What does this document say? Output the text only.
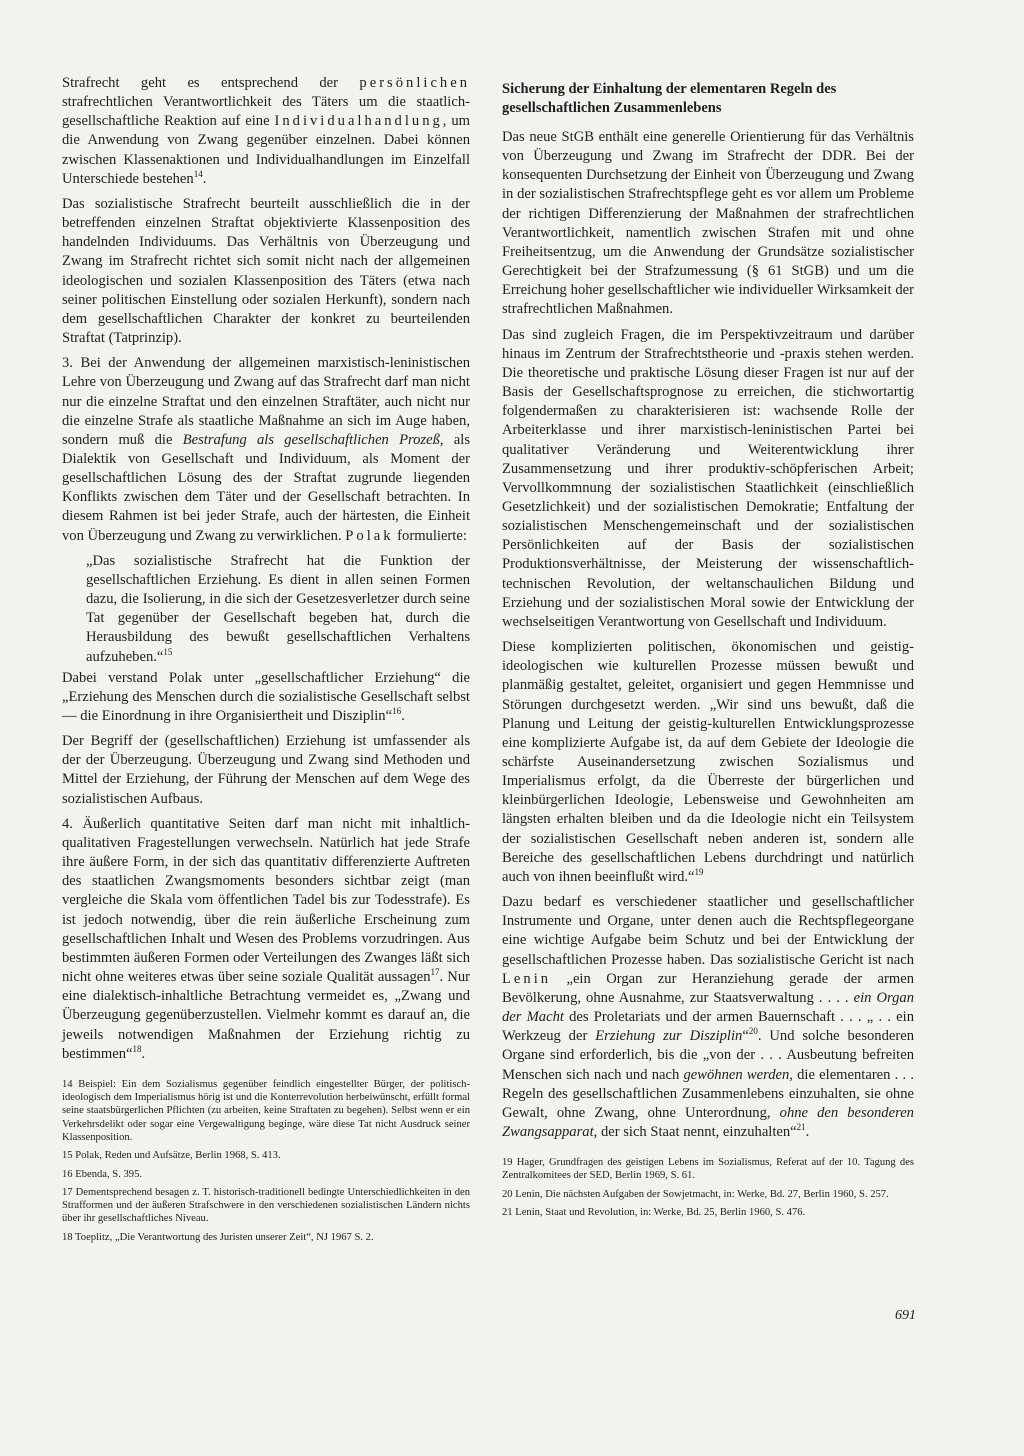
Strafrecht geht es entsprechend der persönlichen strafrechtlichen Verantwortlichkeit des Täters um die staatlich-gesellschaftliche Reaktion auf eine Individualhandlung, um die Anwendung von Zwang gegenüber einzelnen. Dabei können zwischen Klassenaktionen und Individualhandlungen im Einzelfall Unterschiede bestehen$^{14}$.

Das sozialistische Strafrecht beurteilt ausschließlich die in der betreffenden einzelnen Straftat objektivierte Klassenposition des handelnden Individuums. Das Verhältnis von Überzeugung und Zwang im Strafrecht richtet sich somit nicht nach der allgemeinen ideologischen und sozialen Klassenposition des Täters (etwa nach seiner politischen Einstellung oder sozialen Herkunft), sondern nach dem gesellschaftlichen Charakter der konkret zu beurteilenden Straftat (Tatprinzip).

3. Bei der Anwendung der allgemeinen marxistisch-leninistischen Lehre von Überzeugung und Zwang auf das Strafrecht darf man nicht nur die einzelne Straftat und den einzelnen Straftäter, auch nicht nur die einzelne Strafe als staatliche Maßnahme an sich im Auge haben, sondern muß die Bestrafung als gesellschaftlichen Prozeß, als Dialektik von Gesellschaft und Individuum, als Moment der gesellschaftlichen Lösung des der Straftat zugrunde liegenden Konflikts zwischen dem Täter und der Gesellschaft betrachten. In diesem Rahmen ist bei jeder Strafe, auch der härtesten, die Einheit von Überzeugung und Zwang zu verwirklichen. Polak formulierte:

„Das sozialistische Strafrecht hat die Funktion der gesellschaftlichen Erziehung. Es dient in allen seinen Formen dazu, die Isolierung, in die sich der Gesetzesverletzer durch seine Tat gegenüber der Gesellschaft begeben hat, durch die Herausbildung des bewußt gesellschaftlichen Verhaltens aufzuheben.“$^{15}$

Dabei verstand Polak unter „gesellschaftlicher Erziehung“ die „Erziehung des Menschen durch die sozialistische Gesellschaft selbst — die Einordnung in ihre Organisiertheit und Disziplin“$^{16}$.

Der Begriff der (gesellschaftlichen) Erziehung ist umfassender als der der Überzeugung. Überzeugung und Zwang sind Methoden und Mittel der Erziehung, der Führung der Menschen auf dem Wege des sozialistischen Aufbaus.

4. Äußerlich quantitative Seiten darf man nicht mit inhaltlich-qualitativen Fragestellungen verwechseln. Natürlich hat jede Strafe ihre äußere Form, in der sich das quantitativ differenzierte Auftreten des staatlichen Zwangsmoments besonders sichtbar zeigt (man vergleiche die Skala vom öffentlichen Tadel bis zur Todesstrafe). Es ist jedoch notwendig, über die rein äußerliche Erscheinung zum gesellschaftlichen Inhalt und Wesen des Problems vorzudringen. Aus bestimmten äußeren Formen oder Verteilungen des Zwanges läßt sich nicht ohne weiteres etwas über seine soziale Qualität aussagen$^{17}$. Nur eine dialektisch-inhaltliche Betrachtung vermeidet es, „Zwang und Überzeugung gegenüberzustellen. Vielmehr kommt es darauf an, die jeweils notwendigen Maßnahmen der Erziehung richtig zu bestimmen“$^{18}$.

14 Beispiel: Ein dem Sozialismus gegenüber feindlich eingestellter Bürger, der politisch-ideologisch dem Imperialismus hörig ist und die Konterrevolution herbeiwünscht, erfüllt formal seine staatsbürgerlichen Pflichten (zu arbeiten, keine Straftaten zu begehen). Selbst wenn er ein Verkehrsdelikt oder sogar eine Vergewaltigung beginge, wäre diese Tat nicht Ausdruck seiner Klassenposition.
15 Polak, Reden und Aufsätze, Berlin 1968, S. 413.
16 Ebenda, S. 395.
17 Dementsprechend besagen z. T. historisch-traditionell bedingte Unterschiedlichkeiten in den Strafformen und der äußeren Strafschwere in den verschiedenen sozialistischen Ländern nichts über ihr gesellschaftliches Niveau.
18 Toeplitz, „Die Verantwortung des Juristen unserer Zeit“, NJ 1967 S. 2.
Sicherung der Einhaltung der elementaren Regeln des gesellschaftlichen Zusammenlebens

Das neue StGB enthält eine generelle Orientierung für das Verhältnis von Überzeugung und Zwang im Strafrecht der DDR. Bei der konsequenten Durchsetzung der Einheit von Überzeugung und Zwang in der sozialistischen Strafrechtspflege geht es vor allem um Probleme der richtigen Differenzierung der Maßnahmen der strafrechtlichen Verantwortlichkeit, namentlich zwischen Strafen mit und ohne Freiheitsentzug, um die Anwendung der Grundsätze sozialistischer Gerechtigkeit bei der Strafzumessung (§ 61 StGB) und um die Erreichung hoher gesellschaftlicher wie individueller Wirksamkeit der strafrechtlichen Maßnahmen.

Das sind zugleich Fragen, die im Perspektivzeitraum und darüber hinaus im Zentrum der Strafrechtstheorie und -praxis stehen werden. Die theoretische und praktische Lösung dieser Fragen ist nur auf der Basis der Gesellschaftsprognose zu erreichen, die stichwortartig folgendermaßen zu charakterisieren ist: wachsende Rolle der Arbeiterklasse und ihrer marxistisch-leninistischen Partei bei qualitativer Veränderung und Weiterentwicklung ihrer Zusammensetzung und ihrer produktiv-schöpferischen Arbeit; Vervollkommnung der sozialistischen Staatlichkeit (einschließlich Gesetzlichkeit) und der sozialistischen Demokratie; Entfaltung der sozialistischen Menschengemeinschaft und der sozialistischen Persönlichkeiten auf der Basis der sozialistischen Produktionsverhältnisse, der Meisterung der wissenschaftlich-technischen Revolution, der weltanschaulichen Bildung und Erziehung und der sozialistischen Moral sowie der Entwicklung der wechselseitigen Verantwortung von Gesellschaft und Individuum.

Diese komplizierten politischen, ökonomischen und geistig-ideologischen wie kulturellen Prozesse müssen bewußt und planmäßig gestaltet, geleitet, organisiert und gegen Hemmnisse und Störungen durchgesetzt werden. „Wir sind uns bewußt, daß die Planung und Leitung der geistig-kulturellen Entwicklungsprozesse eine komplizierte Aufgabe ist, da auf dem Gebiete der Ideologie die schärfste Auseinandersetzung zwischen Sozialismus und Imperialismus erfolgt, da die Überreste der bürgerlichen und kleinbürgerlichen Ideologie, Lebensweise und Gewohnheiten am längsten erhalten bleiben und da die Ideologie nicht ein Teilsystem der sozialistischen Gesellschaft neben anderen ist, sondern alle Bereiche des gesellschaftlichen Lebens durchdringt und natürlich auch von ihnen beeinflußt wird.“$^{19}$

Dazu bedarf es verschiedener staatlicher und gesellschaftlicher Instrumente und Organe, unter denen auch die Rechtspflegeorgane eine wichtige Aufgabe beim Schutz und bei der Entwicklung der gesellschaftlichen Prozesse haben. Das sozialistische Gericht ist nach Lenin „ein Organ zur Heranziehung gerade der armen Bevölkerung, ohne Ausnahme, zur Staatsverwaltung . . . . ein Organ der Macht des Proletariats und der armen Bauernschaft . . . „ . . ein Werkzeug der Erziehung zur Disziplin“$^{20}$. Und solche besonderen Organe sind erforderlich, bis die „von der . . . Ausbeutung befreiten Menschen sich nach und nach gewöhnen werden, die elementaren . . . Regeln des gesellschaftlichen Zusammenlebens einzuhalten, sie ohne Gewalt, ohne Zwang, ohne Unterordnung, ohne den besonderen Zwangsapparat, der sich Staat nennt, einzuhalten“$^{21}$.

19 Hager, Grundfragen des geistigen Lebens im Sozialismus, Referat auf der 10. Tagung des Zentralkomitees der SED, Berlin 1969, S. 61.
20 Lenin, Die nächsten Aufgaben der Sowjetmacht, in: Werke, Bd. 27, Berlin 1960, S. 257.
21 Lenin, Staat und Revolution, in: Werke, Bd. 25, Berlin 1960, S. 476.
691
